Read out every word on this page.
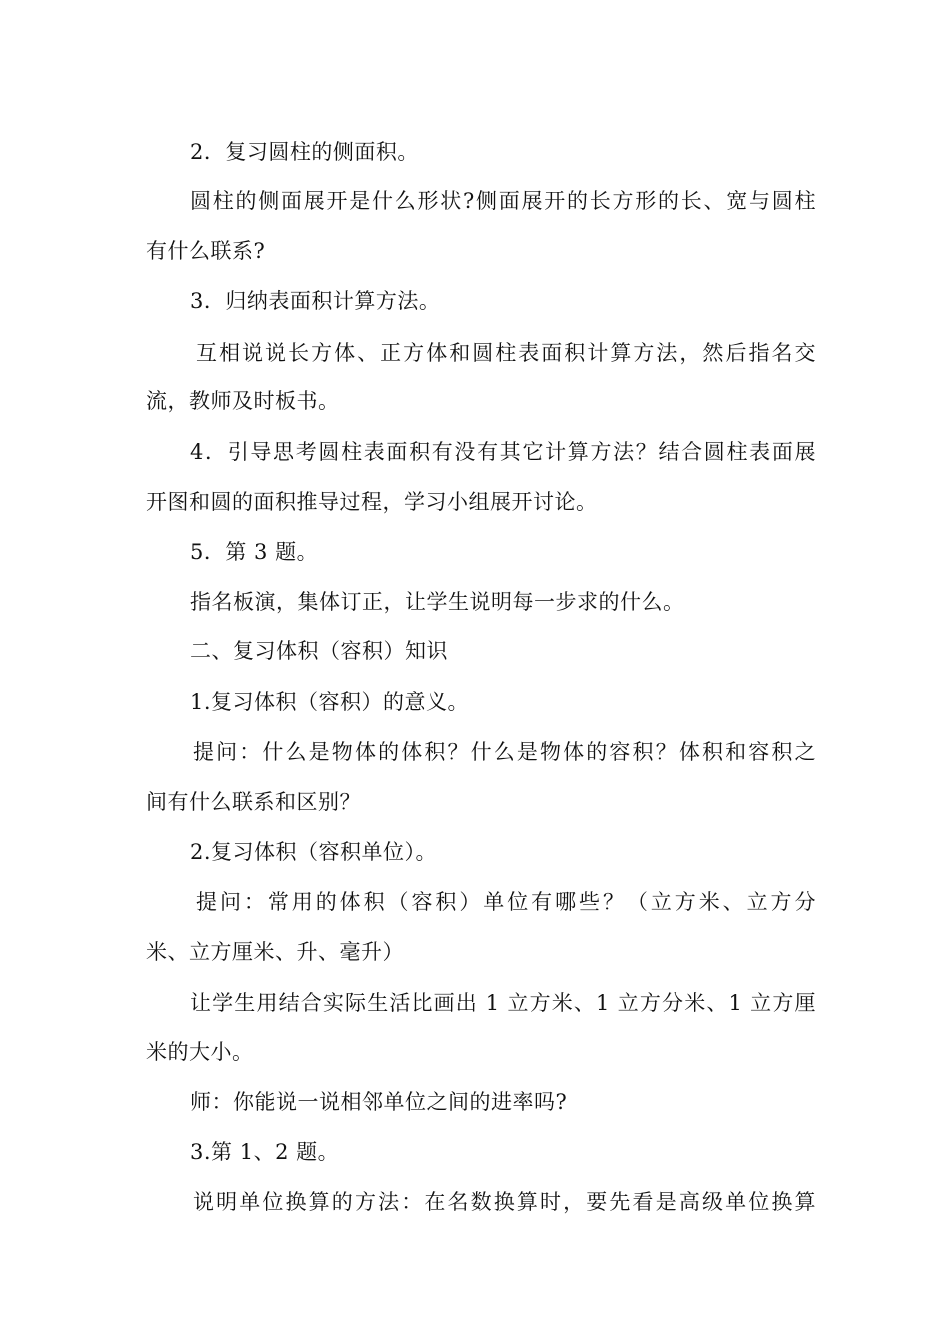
2．复习圆柱的侧面积。
圆柱的侧面展开是什么形状?侧面展开的长方形的长、宽与圆柱
有什么联系?
3．归纳表面积计算方法。
互相说说长方体、正方体和圆柱表面积计算方法，然后指名交
流，教师及时板书。
4．引导思考圆柱表面积有没有其它计算方法？结合圆柱表面展
开图和圆的面积推导过程，学习小组展开讨论。
5．第 3 题。
指名板演，集体订正，让学生说明每一步求的什么。
二、复习体积（容积）知识
1.复习体积（容积）的意义。
提问：什么是物体的体积？什么是物体的容积？体积和容积之
间有什么联系和区别？
2.复习体积（容积单位）。
提问：常用的体积（容积）单位有哪些？（立方米、立方分
米、立方厘米、升、毫升）
让学生用结合实际生活比画出 1 立方米、1 立方分米、1 立方厘
米的大小。
师：你能说一说相邻单位之间的进率吗?
3.第 1、2 题。
说明单位换算的方法：在名数换算时，要先看是高级单位换算
